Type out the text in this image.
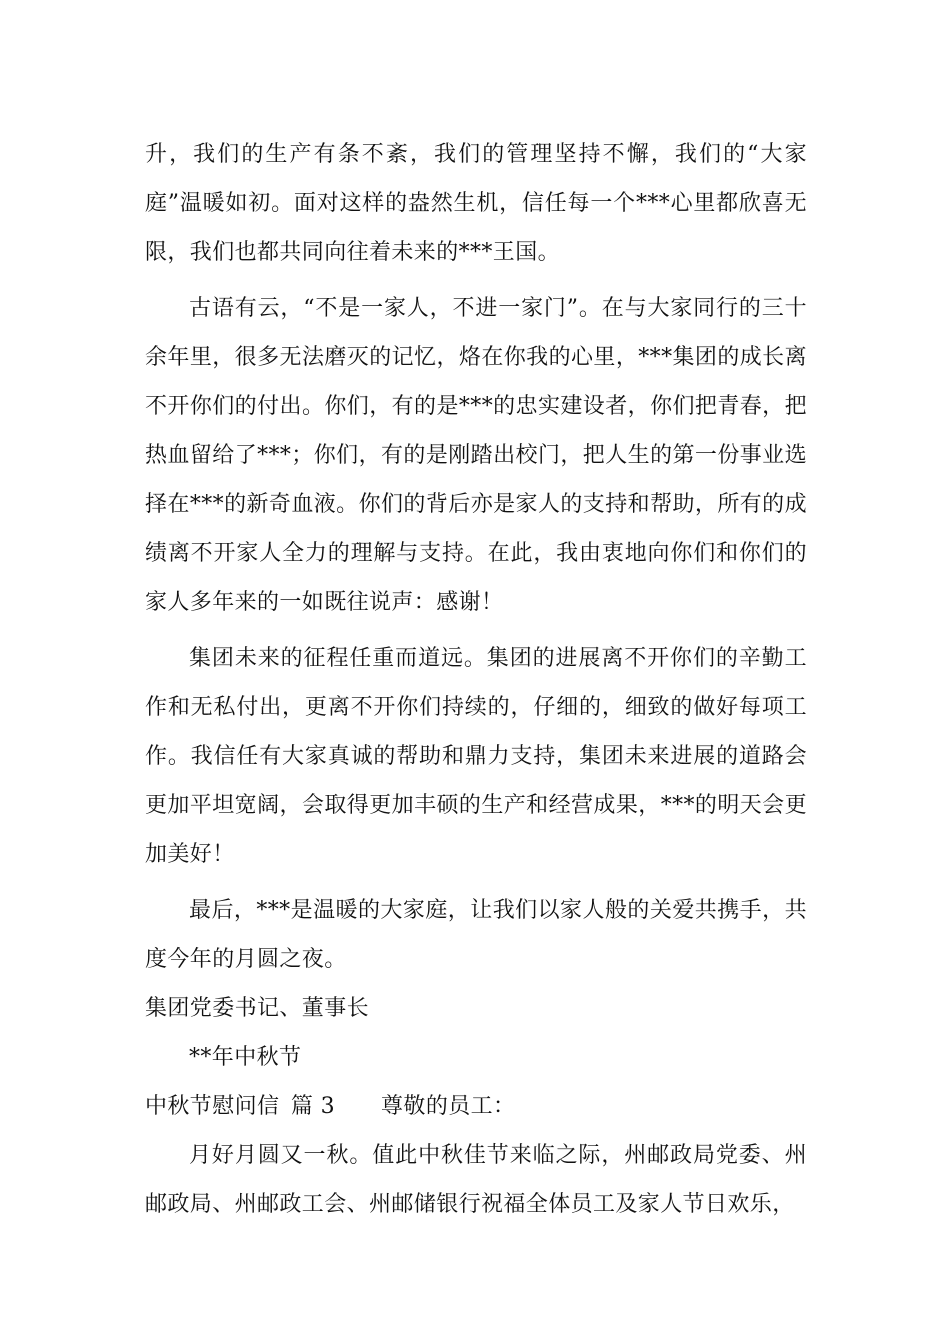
升，我们的生产有条不紊，我们的管理坚持不懈，我们的“大家庭”温暖如初。面对这样的盎然生机，信任每一个***心里都欣喜无限，我们也都共同向往着未来的***王国。

古语有云，“不是一家人，不进一家门”。在与大家同行的三十余年里，很多无法磨灭的记忆，烙在你我的心里，***集团的成长离不开你们的付出。你们，有的是***的忠实建设者，你们把青春，把热血留给了***；你们，有的是刚踏出校门，把人生的第一份事业选择在***的新奇血液。你们的背后亦是家人的支持和帮助，所有的成绩离不开家人全力的理解与支持。在此，我由衷地向你们和你们的家人多年来的一如既往说声：感谢！

集团未来的征程任重而道远。集团的进展离不开你们的辛勤工作和无私付出，更离不开你们持续的，仔细的，细致的做好每项工作。我信任有大家真诚的帮助和鼎力支持，集团未来进展的道路会更加平坦宽阔，会取得更加丰硕的生产和经营成果，***的明天会更加美好！

最后，***是温暖的大家庭，让我们以家人般的关爱共携手，共度今年的月圆之夜。

集团党委书记、董事长

**年中秋节

中秋节慰问信  篇 3 尊敬的员工：

月好月圆又一秋。值此中秋佳节来临之际，州邮政局党委、州邮政局、州邮政工会、州邮储银行祝福全体员工及家人节日欢乐，
